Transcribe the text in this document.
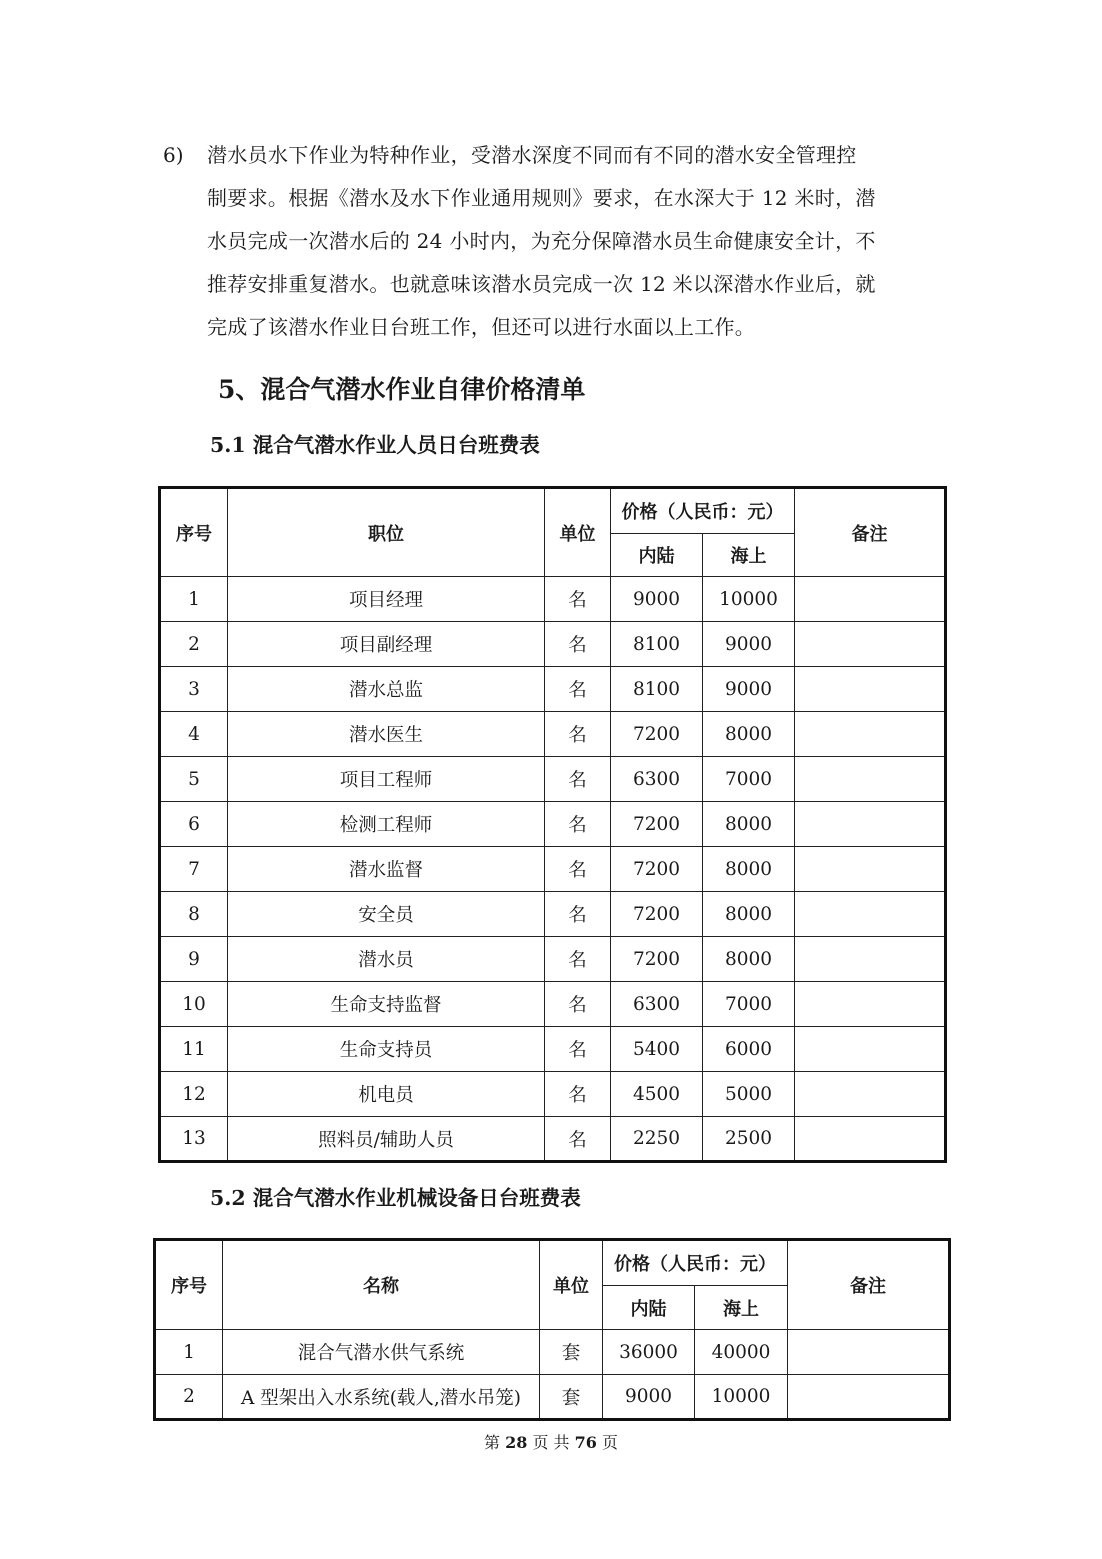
6) 潜水员水下作业为特种作业，受潜水深度不同而有不同的潜水安全管理控
制要求。根据《潜水及水下作业通用规则》要求，在水深大于 12 米时，潜
水员完成一次潜水后的 24 小时内，为充分保障潜水员生命健康安全计，不
推荐安排重复潜水。也就意味该潜水员完成一次 12 米以深潜水作业后，就
完成了该潜水作业日台班工作，但还可以进行水面以上工作。
5、混合气潜水作业自律价格清单
5.1 混合气潜水作业人员日台班费表
序号	职位	单位	价格（人民币：元）		备注
			内陆	海上	
1	项目经理	名	9000	10000	
2	项目副经理	名	8100	9000	
3	潜水总监	名	8100	9000	
4	潜水医生	名	7200	8000	
5	项目工程师	名	6300	7000	
6	检测工程师	名	7200	8000	
7	潜水监督	名	7200	8000	
8	安全员	名	7200	8000	
9	潜水员	名	7200	8000	
10	生命支持监督	名	6300	7000	
11	生命支持员	名	5400	6000	
12	机电员	名	4500	5000	
13	照料员/辅助人员	名	2250	2500	
5.2 混合气潜水作业机械设备日台班费表
序号	名称	单位	价格（人民币：元）		备注
			内陆	海上	
1	混合气潜水供气系统	套	36000	40000	
2	A 型架出入水系统(载人,潜水吊笼)	套	9000	10000	
第 28 页 共 76 页
